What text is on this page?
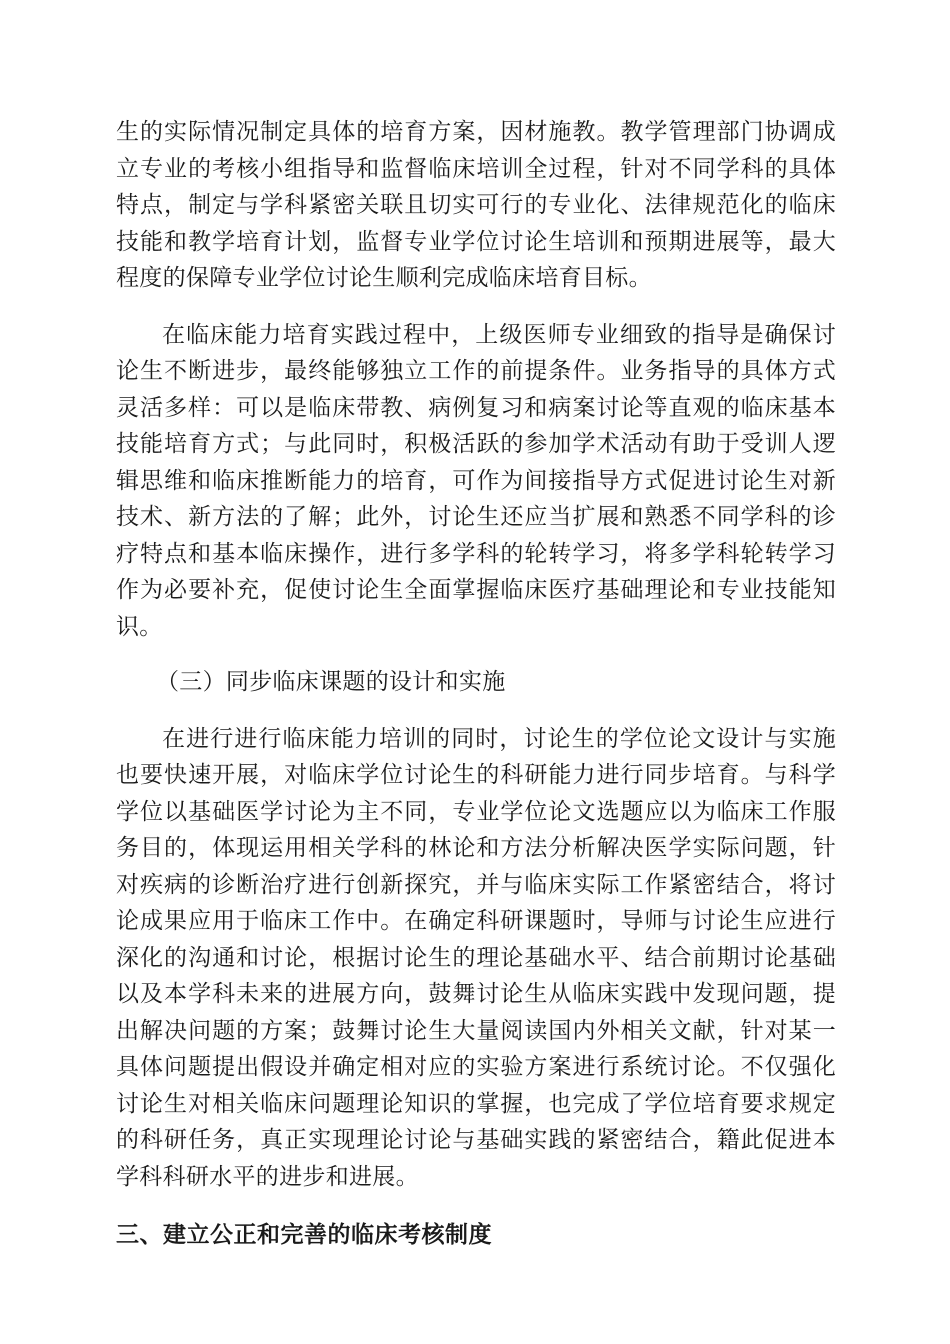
生的实际情况制定具体的培育方案，因材施教。教学管理部门协调成立专业的考核小组指导和监督临床培训全过程，针对不同学科的具体特点，制定与学科紧密关联且切实可行的专业化、法律规范化的临床技能和教学培育计划，监督专业学位讨论生培训和预期进展等，最大程度的保障专业学位讨论生顺利完成临床培育目标。

在临床能力培育实践过程中，上级医师专业细致的指导是确保讨论生不断进步，最终能够独立工作的前提条件。业务指导的具体方式灵活多样：可以是临床带教、病例复习和病案讨论等直观的临床基本技能培育方式；与此同时，积极活跃的参加学术活动有助于受训人逻辑思维和临床推断能力的培育，可作为间接指导方式促进讨论生对新技术、新方法的了解；此外，讨论生还应当扩展和熟悉不同学科的诊疗特点和基本临床操作，进行多学科的轮转学习，将多学科轮转学习作为必要补充，促使讨论生全面掌握临床医疗基础理论和专业技能知识。

（三）同步临床课题的设计和实施

在进行进行临床能力培训的同时，讨论生的学位论文设计与实施也要快速开展，对临床学位讨论生的科研能力进行同步培育。与科学学位以基础医学讨论为主不同，专业学位论文选题应以为临床工作服务目的，体现运用相关学科的林论和方法分析解决医学实际问题，针对疾病的诊断治疗进行创新探究，并与临床实际工作紧密结合，将讨论成果应用于临床工作中。在确定科研课题时，导师与讨论生应进行深化的沟通和讨论，根据讨论生的理论基础水平、结合前期讨论基础以及本学科未来的进展方向，鼓舞讨论生从临床实践中发现问题，提出解决问题的方案；鼓舞讨论生大量阅读国内外相关文献，针对某一具体问题提出假设并确定相对应的实验方案进行系统讨论。不仅强化讨论生对相关临床问题理论知识的掌握，也完成了学位培育要求规定的科研任务，真正实现理论讨论与基础实践的紧密结合，籍此促进本学科科研水平的进步和进展。

三、建立公正和完善的临床考核制度
